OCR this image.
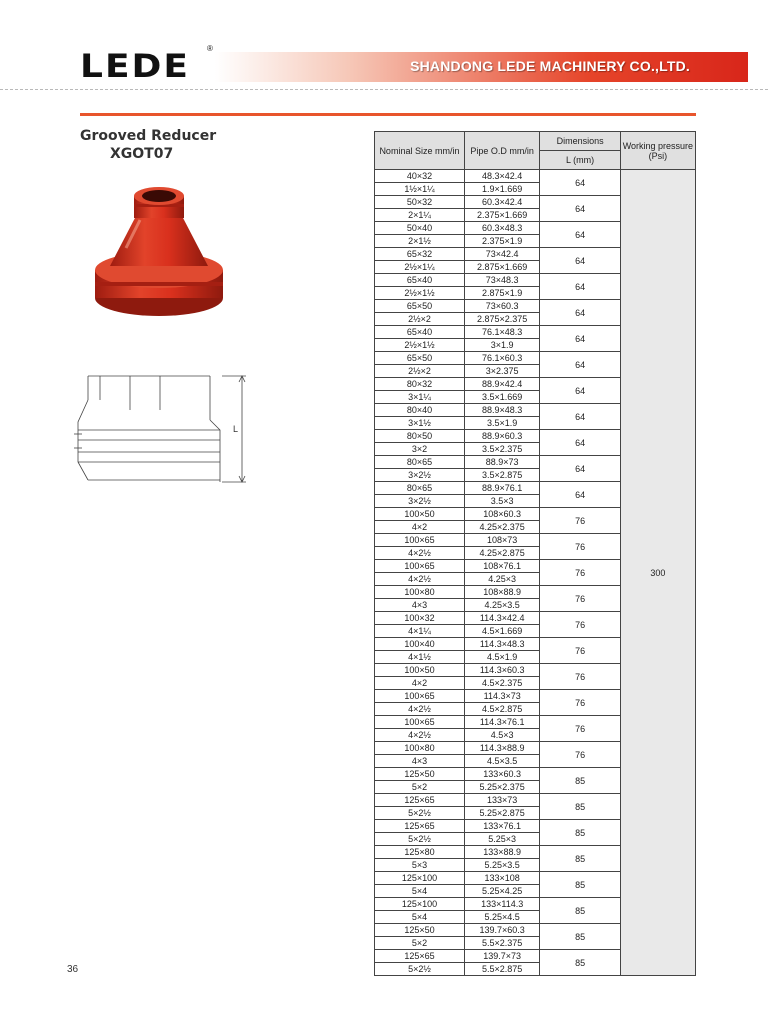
LEDE ®
SHANDONG LEDE MACHINERY CO.,LTD.
Grooved Reducer
XGOT07
L
Nominal Size mm/in	Pipe O.D mm/in	Dimensions	Working pressure (Psi)
		L (mm)	
40×32	48.3×42.4	64	300
1½×1¼	1.9×1.669		
50×32	60.3×42.4	64	
2×1¼	2.375×1.669		
50×40	60.3×48.3	64	
2×1½	2.375×1.9		
65×32	73×42.4	64	
2½×1¼	2.875×1.669		
65×40	73×48.3	64	
2½×1½	2.875×1.9		
65×50	73×60.3	64	
2½×2	2.875×2.375		
65×40	76.1×48.3	64	
2½×1½	3×1.9		
65×50	76.1×60.3	64	
2½×2	3×2.375		
80×32	88.9×42.4	64	
3×1¼	3.5×1.669		
80×40	88.9×48.3	64	
3×1½	3.5×1.9		
80×50	88.9×60.3	64	
3×2	3.5×2.375		
80×65	88.9×73	64	
3×2½	3.5×2.875		
80×65	88.9×76.1	64	
3×2½	3.5×3		
100×50	108×60.3	76	
4×2	4.25×2.375		
100×65	108×73	76	
4×2½	4.25×2.875		
100×65	108×76.1	76	
4×2½	4.25×3		
100×80	108×88.9	76	
4×3	4.25×3.5		
100×32	114.3×42.4	76	
4×1¼	4.5×1.669		
100×40	114.3×48.3	76	
4×1½	4.5×1.9		
100×50	114.3×60.3	76	
4×2	4.5×2.375		
100×65	114.3×73	76	
4×2½	4.5×2.875		
100×65	114.3×76.1	76	
4×2½	4.5×3		
100×80	114.3×88.9	76	
4×3	4.5×3.5		
125×50	133×60.3	85	
5×2	5.25×2.375		
125×65	133×73	85	
5×2½	5.25×2.875		
125×65	133×76.1	85	
5×2½	5.25×3		
125×80	133×88.9	85	
5×3	5.25×3.5		
125×100	133×108	85	
5×4	5.25×4.25		
125×100	133×114.3	85	
5×4	5.25×4.5		
125×50	139.7×60.3	85	
5×2	5.5×2.375		
125×65	139.7×73	85	
5×2½	5.5×2.875		
36
